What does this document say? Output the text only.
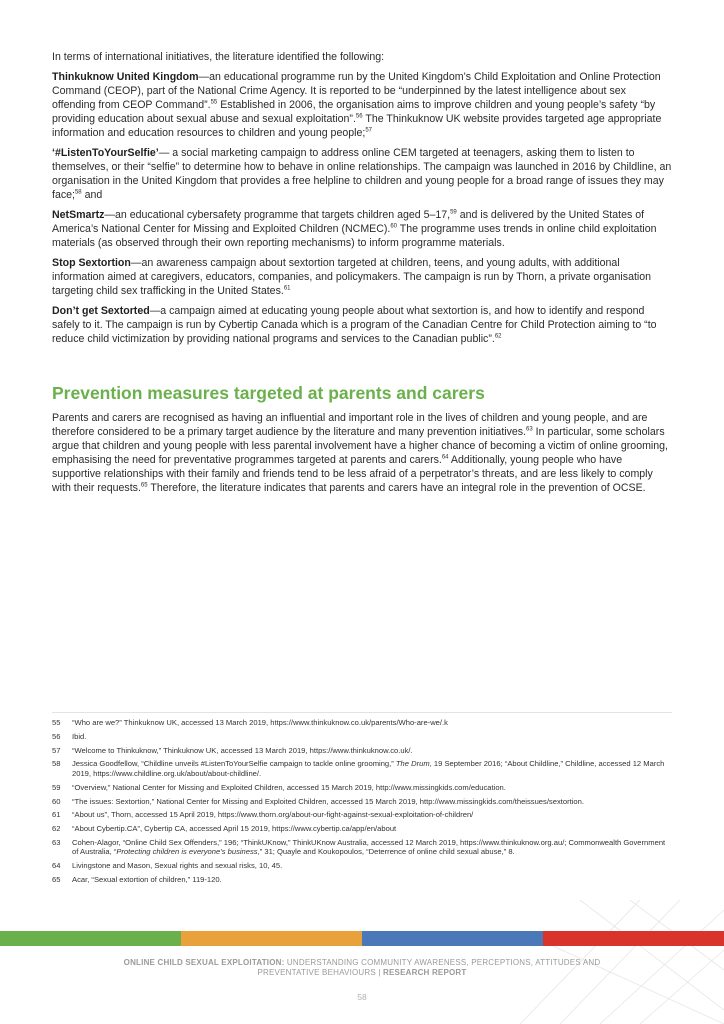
In terms of international initiatives, the literature identified the following:

Thinkuknow United Kingdom—an educational programme run by the United Kingdom’s Child Exploitation and Online Protection Command (CEOP), part of the National Crime Agency. It is reported to be “underpinned by the latest intelligence about sex offending from CEOP Command”.$^{55}$ Established in 2006, the organisation aims to improve children and young people’s safety “by providing education about sexual abuse and sexual exploitation”.$^{56}$ The Thinkuknow UK website provides targeted age appropriate information and education resources to children and young people;$^{57}$

‘#ListenToYourSelfie’— a social marketing campaign to address online CEM targeted at teenagers, asking them to listen to themselves, or their “selfie” to determine how to behave in online relationships. The campaign was launched in 2016 by Childline, an organisation in the United Kingdom that provides a free helpline to children and young people for a broad range of issues they may face;$^{58}$ and

NetSmartz—an educational cybersafety programme that targets children aged 5–17,59 and is delivered by the United States of America’s National Center for Missing and Exploited Children (NCMEC).$^{60}$ The programme uses trends in online child exploitation materials (as observed through their own reporting mechanisms) to inform programme materials.

Stop Sextortion—an awareness campaign about sextortion targeted at children, teens, and young adults, with additional information aimed at caregivers, educators, companies, and policymakers. The campaign is run by Thorn, a private organisation targeting child sex trafficking in the United States.$^{61}$

Don’t get Sextorted—a campaign aimed at educating young people about what sextortion is, and how to identify and respond safely to it. The campaign is run by Cybertip Canada which is a program of the Canadian Centre for Child Protection aiming to “to reduce child victimization by providing national programs and services to the Canadian public”.$^{62}$

Prevention measures targeted at parents and carers

Parents and carers are recognised as having an influential and important role in the lives of children and young people, and are therefore considered to be a primary target audience by the literature and many prevention initiatives.$^{63}$ In particular, some scholars argue that children and young people with less parental involvement have a higher chance of becoming a victim of online grooming, emphasising the need for preventative programmes targeted at parents and carers.$^{64}$ Additionally, young people who have supportive relationships with their family and friends tend to be less afraid of a perpetrator’s threats, and are less likely to comply with their requests.$^{65}$ Therefore, the literature indicates that parents and carers have an integral role in the prevention of OCSE.

55	“Who are we?” Thinkuknow UK, accessed 13 March 2019, https://www.thinkuknow.co.uk/parents/Who-are-we/.k
56	Ibid.
57	“Welcome to Thinkuknow,” Thinkuknow UK, accessed 13 March 2019, https://www.thinkuknow.co.uk/.
58	Jessica Goodfellow, “Childline unveils #ListenToYourSelfie campaign to tackle online grooming,” The Drum, 19 September 2016; “About Childline,” Childline, accessed 12 March 2019, https://www.childline.org.uk/about/about-childline/.
59	“Overview,” National Center for Missing and Exploited Children, accessed 15 March 2019, http://www.missingkids.com/education.
60	“The issues: Sextortion,” National Center for Missing and Exploited Children, accessed 15 March 2019, http://www.missingkids.com/theissues/sextortion.
61	“About us”, Thorn, accessed 15 April 2019, https://www.thorn.org/about-our-fight-against-sexual-exploitation-of-children/
62	“About Cybertip.CA”, Cybertip CA, accessed April 15 2019, https://www.cybertip.ca/app/en/about
63	Cohen-Alagor, “Online Child Sex Offenders,” 196; “ThinkUKnow,” ThinkUKnow Australia, accessed 12 March 2019, https://www.thinkuknow.org.au/; Commonwealth Government of Australia, “Protecting children is everyone’s business,” 31; Quayle and Koukopoulos, “Deterrence of online child sexual abuse,” 8.
64	Livingstone and Mason, Sexual rights and sexual risks, 10, 45.
65	Acar, “Sexual extortion of children,” 119-120.
ONLINE CHILD SEXUAL EXPLOITATION: UNDERSTANDING COMMUNITY AWARENESS, PERCEPTIONS, ATTITUDES AND PREVENTATIVE BEHAVIOURS | RESEARCH REPORT
58
